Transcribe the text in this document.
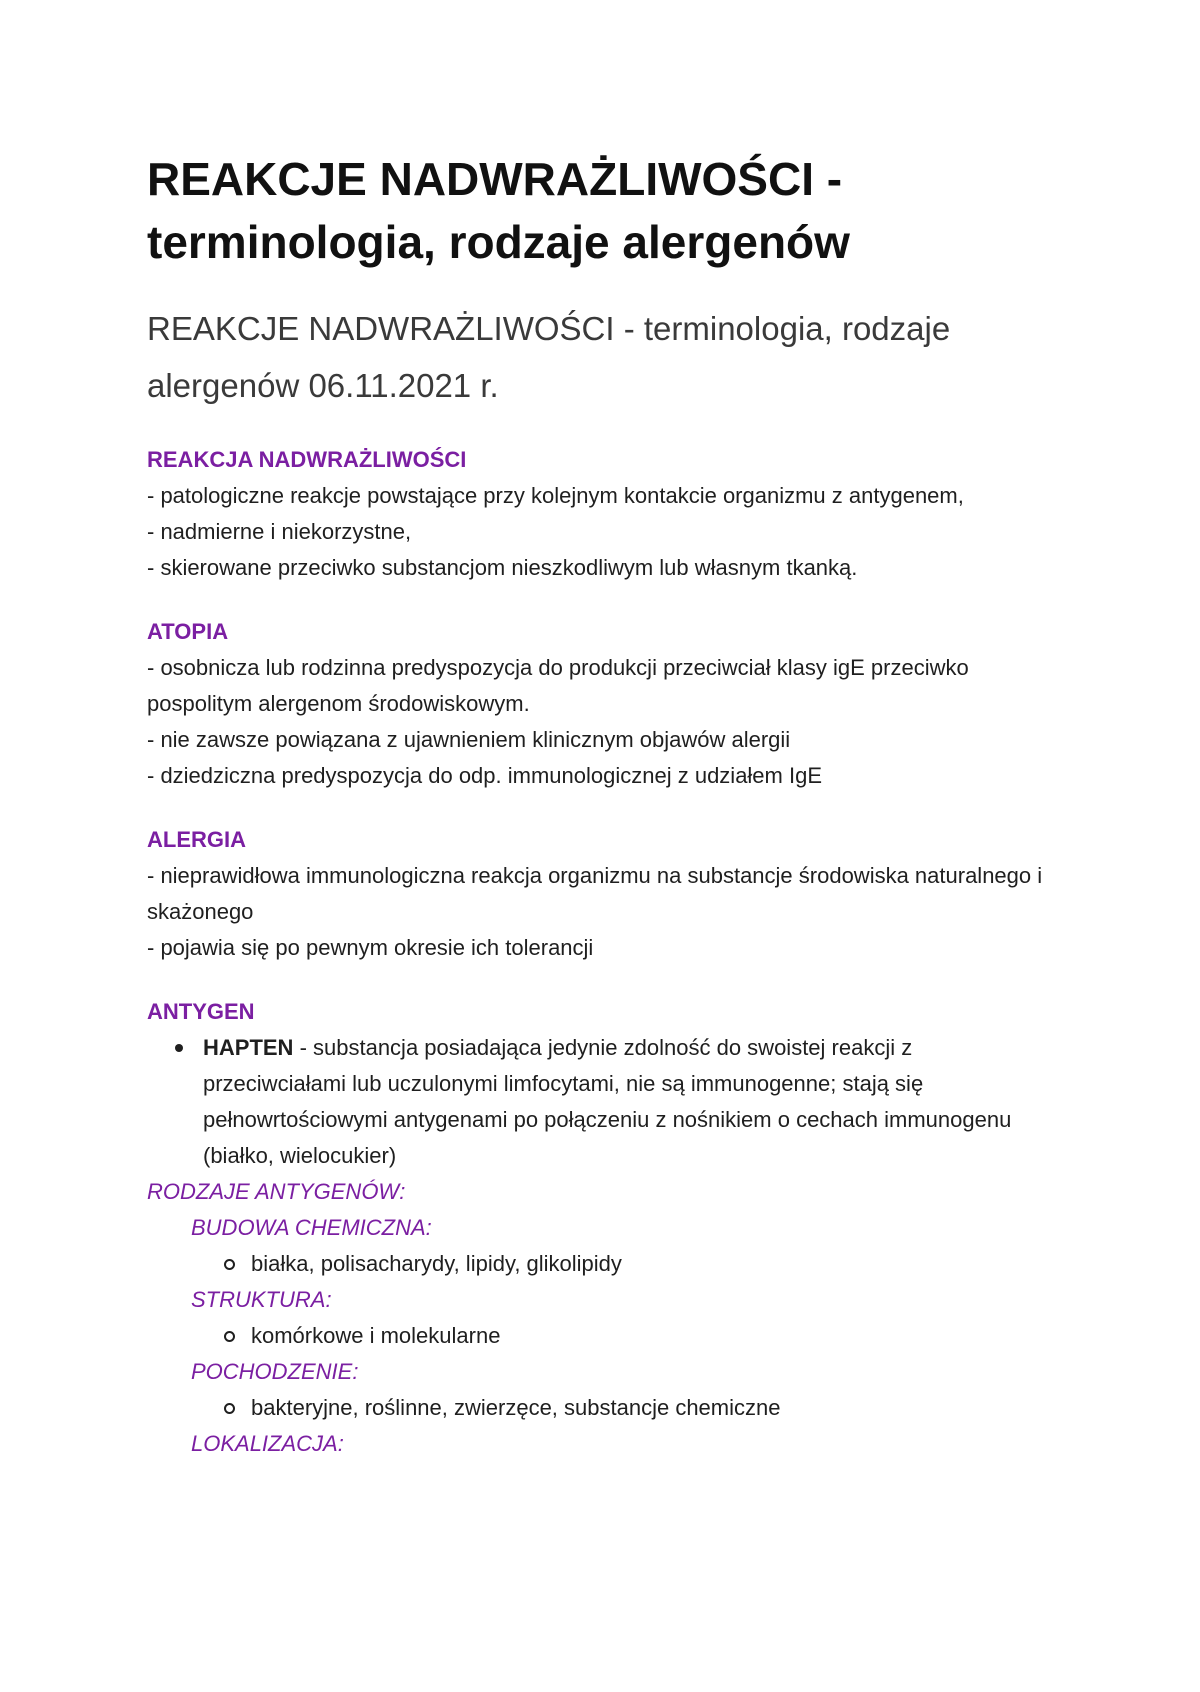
REAKCJE NADWRAŻLIWOŚCI -
terminologia, rodzaje alergenów

REAKCJE NADWRAŻLIWOŚCI - terminologia, rodzaje alergenów 06.11.2021 r.

REAKCJA NADWRAŻLIWOŚCI

- patologiczne reakcje powstające przy kolejnym kontakcie organizmu z antygenem,

- nadmierne i niekorzystne,

- skierowane przeciwko substancjom nieszkodliwym lub własnym tkanką.

ATOPIA

- osobnicza lub rodzinna predyspozycja do produkcji przeciwciał klasy igE przeciwko pospolitym alergenom środowiskowym.

- nie zawsze powiązana z ujawnieniem klinicznym objawów alergii

- dziedziczna predyspozycja do odp. immunologicznej z udziałem IgE

ALERGIA

- nieprawidłowa immunologiczna reakcja organizmu na substancje środowiska naturalnego i skażonego

- pojawia się po pewnym okresie ich tolerancji

ANTYGEN

HAPTEN - substancja posiadająca jedynie zdolność do swoistej reakcji z przeciwciałami lub uczulonymi limfocytami, nie są immunogenne; stają się pełnowrtościowymi antygenami po połączeniu z nośnikiem o cechach immunogenu (białko, wielocukier)

RODZAJE ANTYGENÓW:

BUDOWA CHEMICZNA:

białka, polisacharydy, lipidy, glikolipidy

STRUKTURA:

komórkowe i molekularne

POCHODZENIE:

bakteryjne, roślinne, zwierzęce, substancje chemiczne

LOKALIZACJA:
